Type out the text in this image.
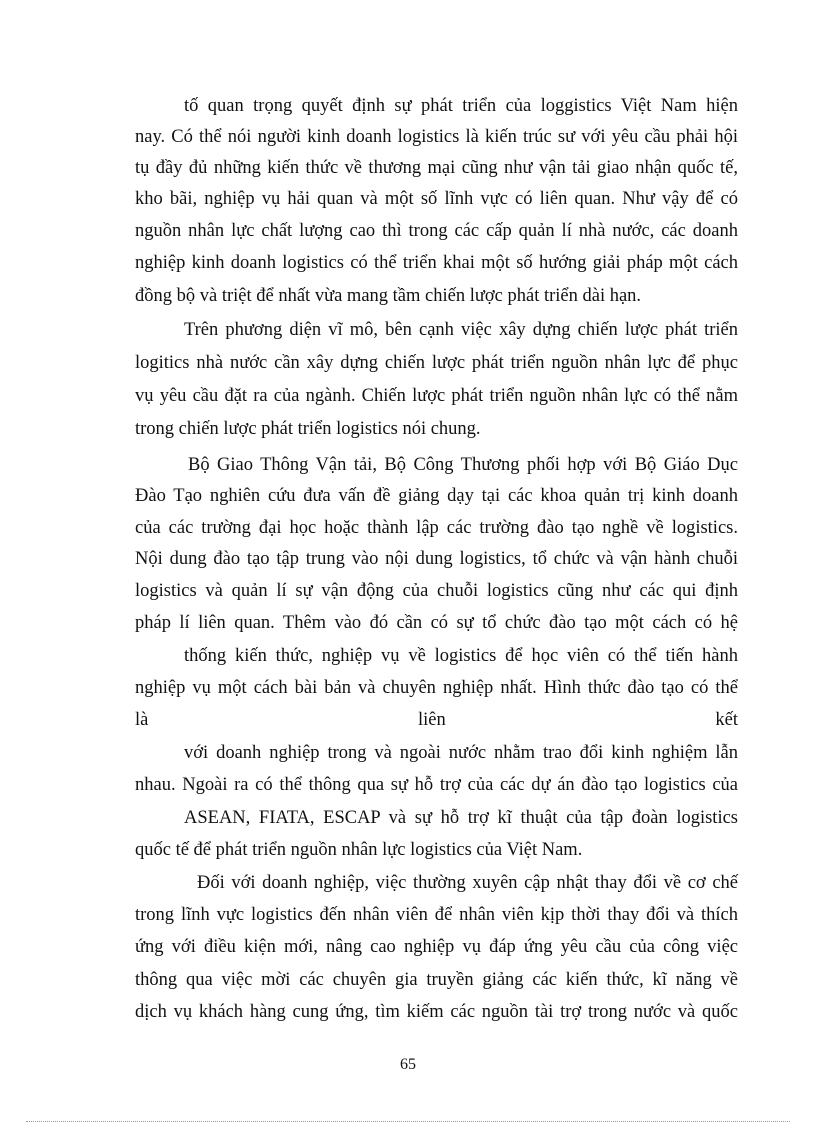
tố quan trọng quyết định sự phát triển của loggistics Việt Nam hiện
nay. Có thể nói người kinh doanh logistics là kiến trúc sư với yêu cầu phải hội
tụ đầy đủ những kiến thức về thương mại cũng như vận tải giao nhận quốc tế,
kho bãi, nghiệp vụ hải quan và một số lĩnh vực có liên quan. Như vậy để có
nguồn nhân lực chất lượng cao thì trong các cấp quản lí nhà nước, các doanh
nghiệp kinh doanh logistics có thể triển khai một số hướng giải pháp một cách
đồng bộ và triệt để nhất vừa mang tầm chiến lược phát triển dài hạn.
Trên phương diện vĩ mô, bên cạnh việc xây dựng chiến lược phát triển
logitics nhà nước cần xây dựng chiến lược phát triển nguồn nhân lực để phục
vụ yêu cầu đặt ra của ngành. Chiến lược phát triển nguồn nhân lực có thể nằm
trong chiến lược phát triển logistics nói chung.
Bộ Giao Thông Vận tải, Bộ Công Thương phối hợp với Bộ Giáo Dục
Đào Tạo nghiên cứu đưa vấn đề giảng dạy tại các khoa quản trị kinh doanh
của các trường đại học hoặc thành lập các trường đào tạo nghề về logistics.
Nội dung đào tạo tập trung vào nội dung logistics, tổ chức và vận hành chuỗi
logistics và quản lí sự vận động của chuỗi logistics cũng như các qui định
pháp lí liên quan. Thêm vào đó cần có sự tổ chức đào tạo một cách có hệ
thống kiến thức, nghiệp vụ về logistics để học viên có thể tiến hành
nghiệp vụ một cách bài bản và chuyên nghiệp nhất. Hình thức đào tạo có thể
là liên kết
với doanh nghiệp trong và ngoài nước nhằm trao đổi kinh nghiệm lẫn
nhau. Ngoài ra có thể thông qua sự hỗ trợ của các dự án đào tạo logistics của
ASEAN, FIATA, ESCAP và sự hỗ trợ kĩ thuật của tập đoàn logistics
quốc tế để phát triển nguồn nhân lực logistics của Việt Nam.
Đối với doanh nghiệp, việc thường xuyên cập nhật thay đổi về cơ chế
trong lĩnh vực logistics đến nhân viên để nhân viên kịp thời thay đổi và thích
ứng với điều kiện mới, nâng cao nghiệp vụ đáp ứng yêu cầu của công việc
thông qua việc mời các chuyên gia truyền giảng các kiến thức, kĩ năng về
dịch vụ khách hàng cung ứng, tìm kiếm các nguồn tài trợ trong nước và quốc
65
